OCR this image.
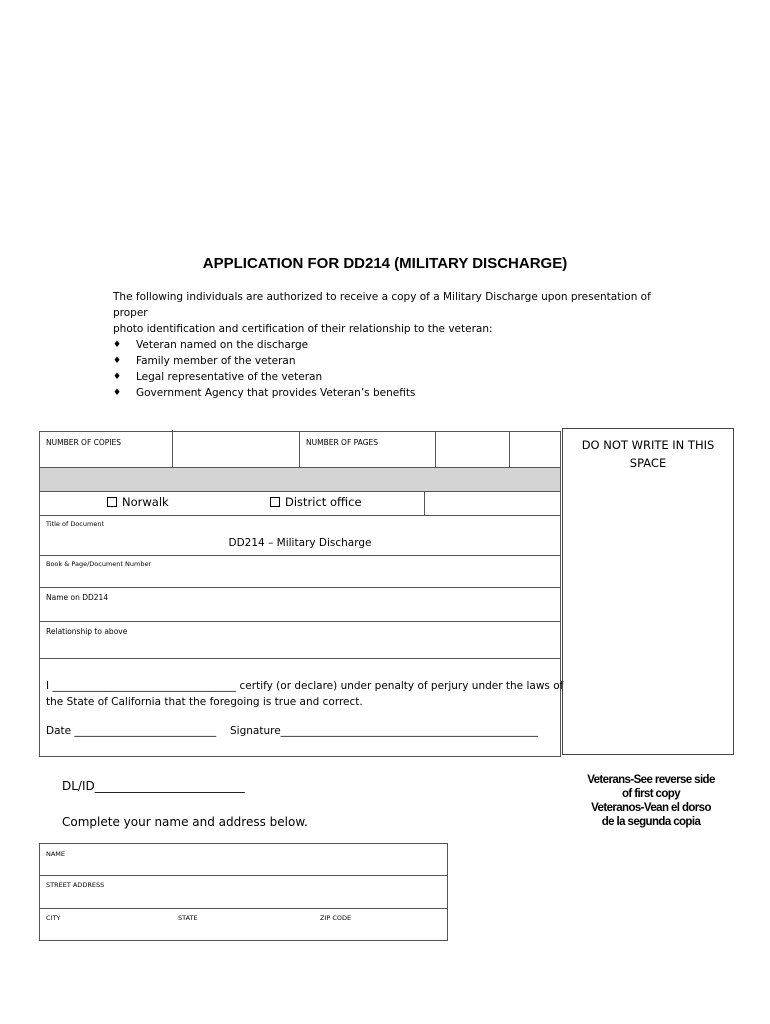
APPLICATION FOR DD214 (MILITARY DISCHARGE)
The following individuals are authorized to receive a copy of a Military Discharge upon presentation of proper
photo identification and certification of their relationship to the veteran:
♦ Veteran named on the discharge
♦ Family member of the veteran
♦ Legal representative of the veteran
♦ Government Agency that provides Veteran’s benefits
NUMBER OF COPIES	NUMBER OF PAGES
Norwalk	District office
Title of Document
DD214 – Military Discharge
Book & Page/Document Number
Name on DD214
Relationship to above
I ___________________________________ certify (or declare) under penalty of perjury under the laws of
the State of California that the foregoing is true and correct.
Date ___________________________ Signature_________________________________________________
DO NOT WRITE IN THIS
SPACE
DL/ID_________________________
Complete your name and address below.
Veterans-See reverse side
of first copy
Veteranos-Vean el dorso
de la segunda copia
NAME
STREET ADDRESS
CITY	STATE	ZIP CODE
